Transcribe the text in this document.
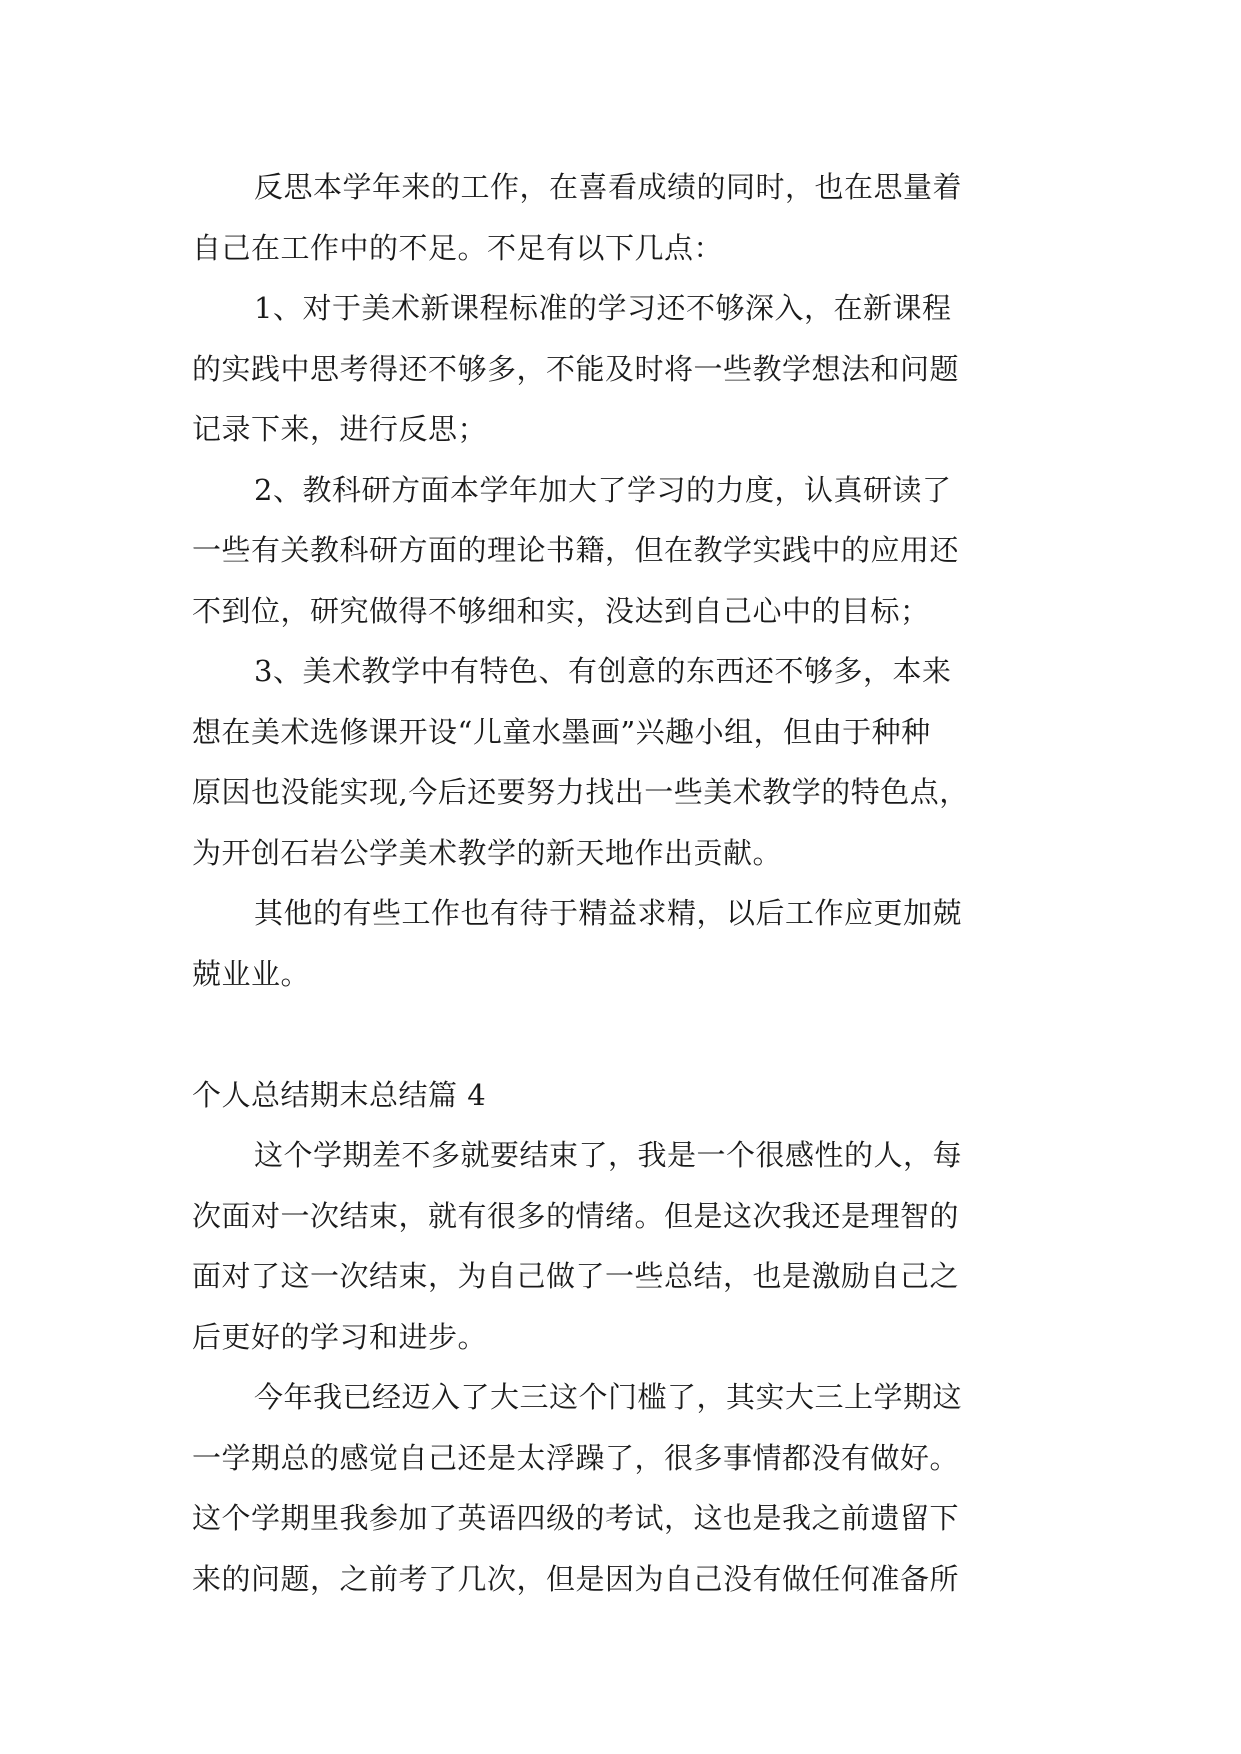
反思本学年来的工作，在喜看成绩的同时，也在思量着
自己在工作中的不足。不足有以下几点：
1、对于美术新课程标准的学习还不够深入，在新课程
的实践中思考得还不够多，不能及时将一些教学想法和问题
记录下来，进行反思；
2、教科研方面本学年加大了学习的力度，认真研读了
一些有关教科研方面的理论书籍，但在教学实践中的应用还
不到位，研究做得不够细和实，没达到自己心中的目标；
3、美术教学中有特色、有创意的东西还不够多，本来
想在美术选修课开设“儿童水墨画”兴趣小组，但由于种种
原因也没能实现,今后还要努力找出一些美术教学的特色点，
为开创石岩公学美术教学的新天地作出贡献。
其他的有些工作也有待于精益求精，以后工作应更加兢
兢业业。
个人总结期末总结篇 4
这个学期差不多就要结束了，我是一个很感性的人，每
次面对一次结束，就有很多的情绪。但是这次我还是理智的
面对了这一次结束，为自己做了一些总结，也是激励自己之
后更好的学习和进步。
今年我已经迈入了大三这个门槛了，其实大三上学期这
一学期总的感觉自己还是太浮躁了，很多事情都没有做好。
这个学期里我参加了英语四级的考试，这也是我之前遗留下
来的问题，之前考了几次，但是因为自己没有做任何准备所
